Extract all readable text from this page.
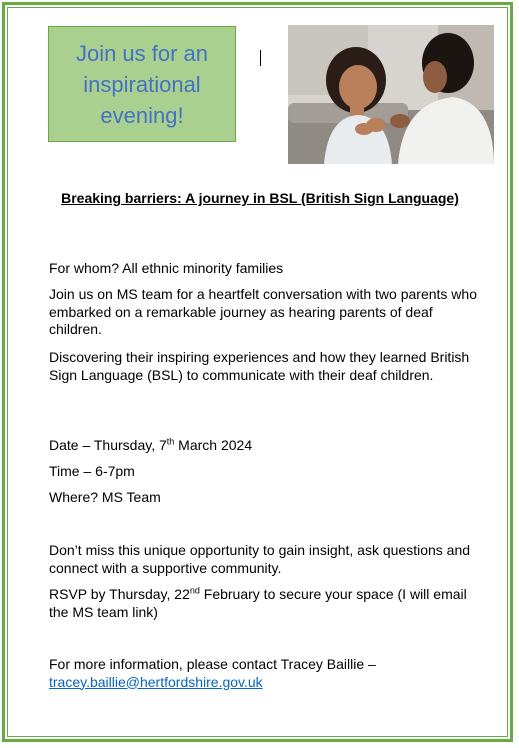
Join us for an inspirational evening!
Breaking barriers: A journey in BSL (British Sign Language)

For whom? All ethnic minority families

Join us on MS team for a heartfelt conversation with two parents who embarked on a remarkable journey as hearing parents of deaf children.

Discovering their inspiring experiences and how they learned British Sign Language (BSL) to communicate with their deaf children.

Date – Thursday, 7th March 2024

Time – 6-7pm

Where? MS Team

Don’t miss this unique opportunity to gain insight, ask questions and connect with a supportive community.

RSVP by Thursday, 22nd February to secure your space (I will email the MS team link)

For more information, please contact Tracey Baillie –
tracey.baillie@hertfordshire.gov.uk
